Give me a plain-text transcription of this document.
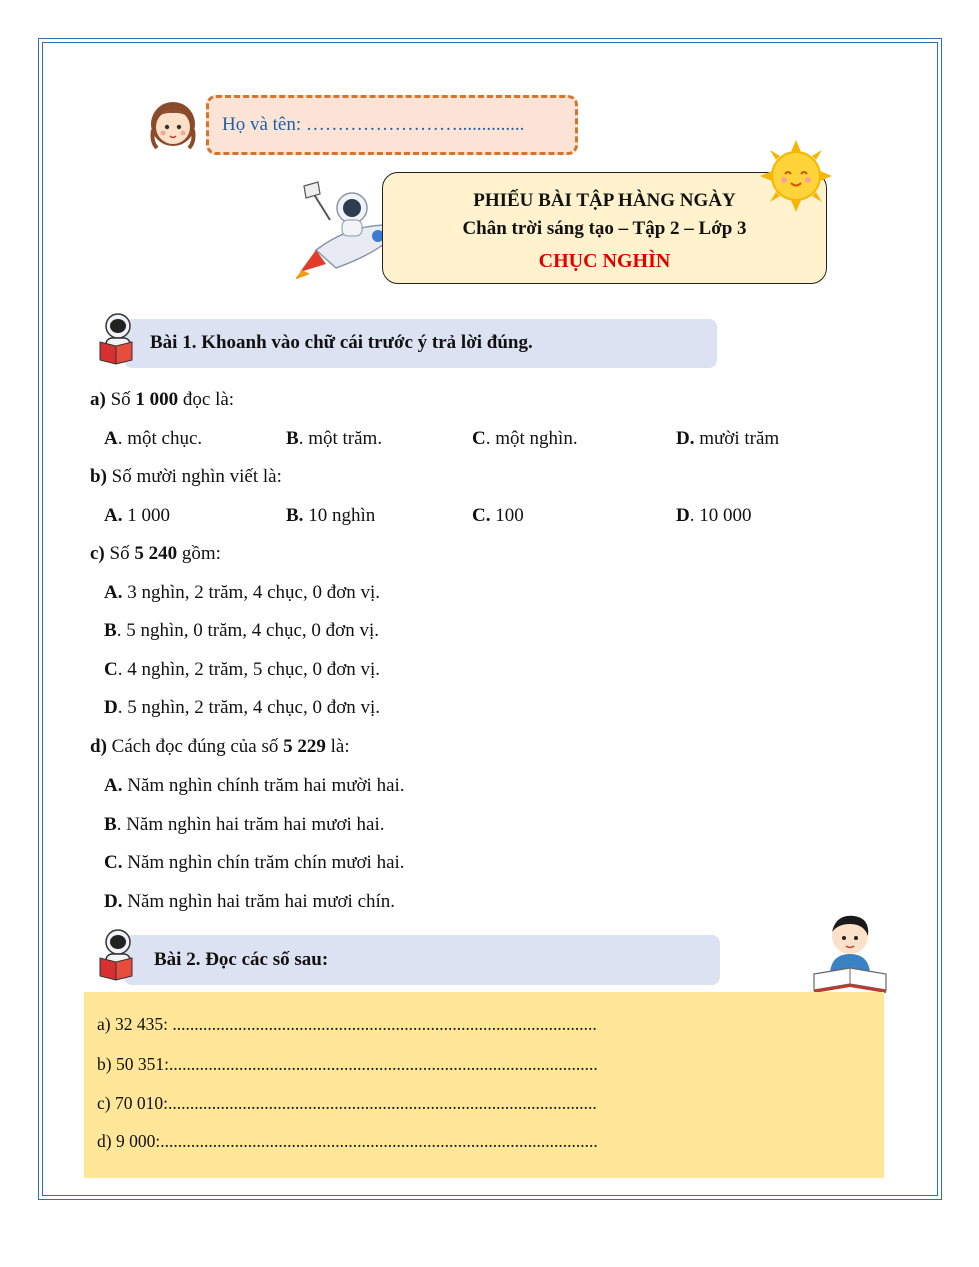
Họ và tên: ……………………..............
PHIẾU BÀI TẬP HÀNG NGÀY
Chân trời sáng tạo – Tập 2 – Lớp 3
CHỤC NGHÌN
Bài 1. Khoanh vào chữ cái trước ý trả lời đúng.
a) Số 1 000 đọc là:
A. một chục.	B. một trăm.	C. một nghìn.	D. mười trăm
b) Số mười nghìn viết là:
A. 1 000	B. 10 nghìn	C. 100	D. 10 000
c) Số 5 240 gồm:
A. 3 nghìn, 2 trăm, 4 chục, 0 đơn vị.
B. 5 nghìn, 0 trăm, 4 chục, 0 đơn vị.
C. 4 nghìn, 2 trăm, 5 chục, 0 đơn vị.
D. 5 nghìn, 2 trăm, 4 chục, 0 đơn vị.
d) Cách đọc đúng của số 5 229 là:
A. Năm nghìn chính trăm hai mười hai.
B. Năm nghìn hai trăm hai mươi hai.
C. Năm nghìn chín trăm chín mươi hai.
D. Năm nghìn hai trăm hai mươi chín.
Bài 2. Đọc các số sau:
a) 32 435: .................................................................................................
b) 50 351:..................................................................................................
c) 70 010:..................................................................................................
d) 9 000:....................................................................................................
